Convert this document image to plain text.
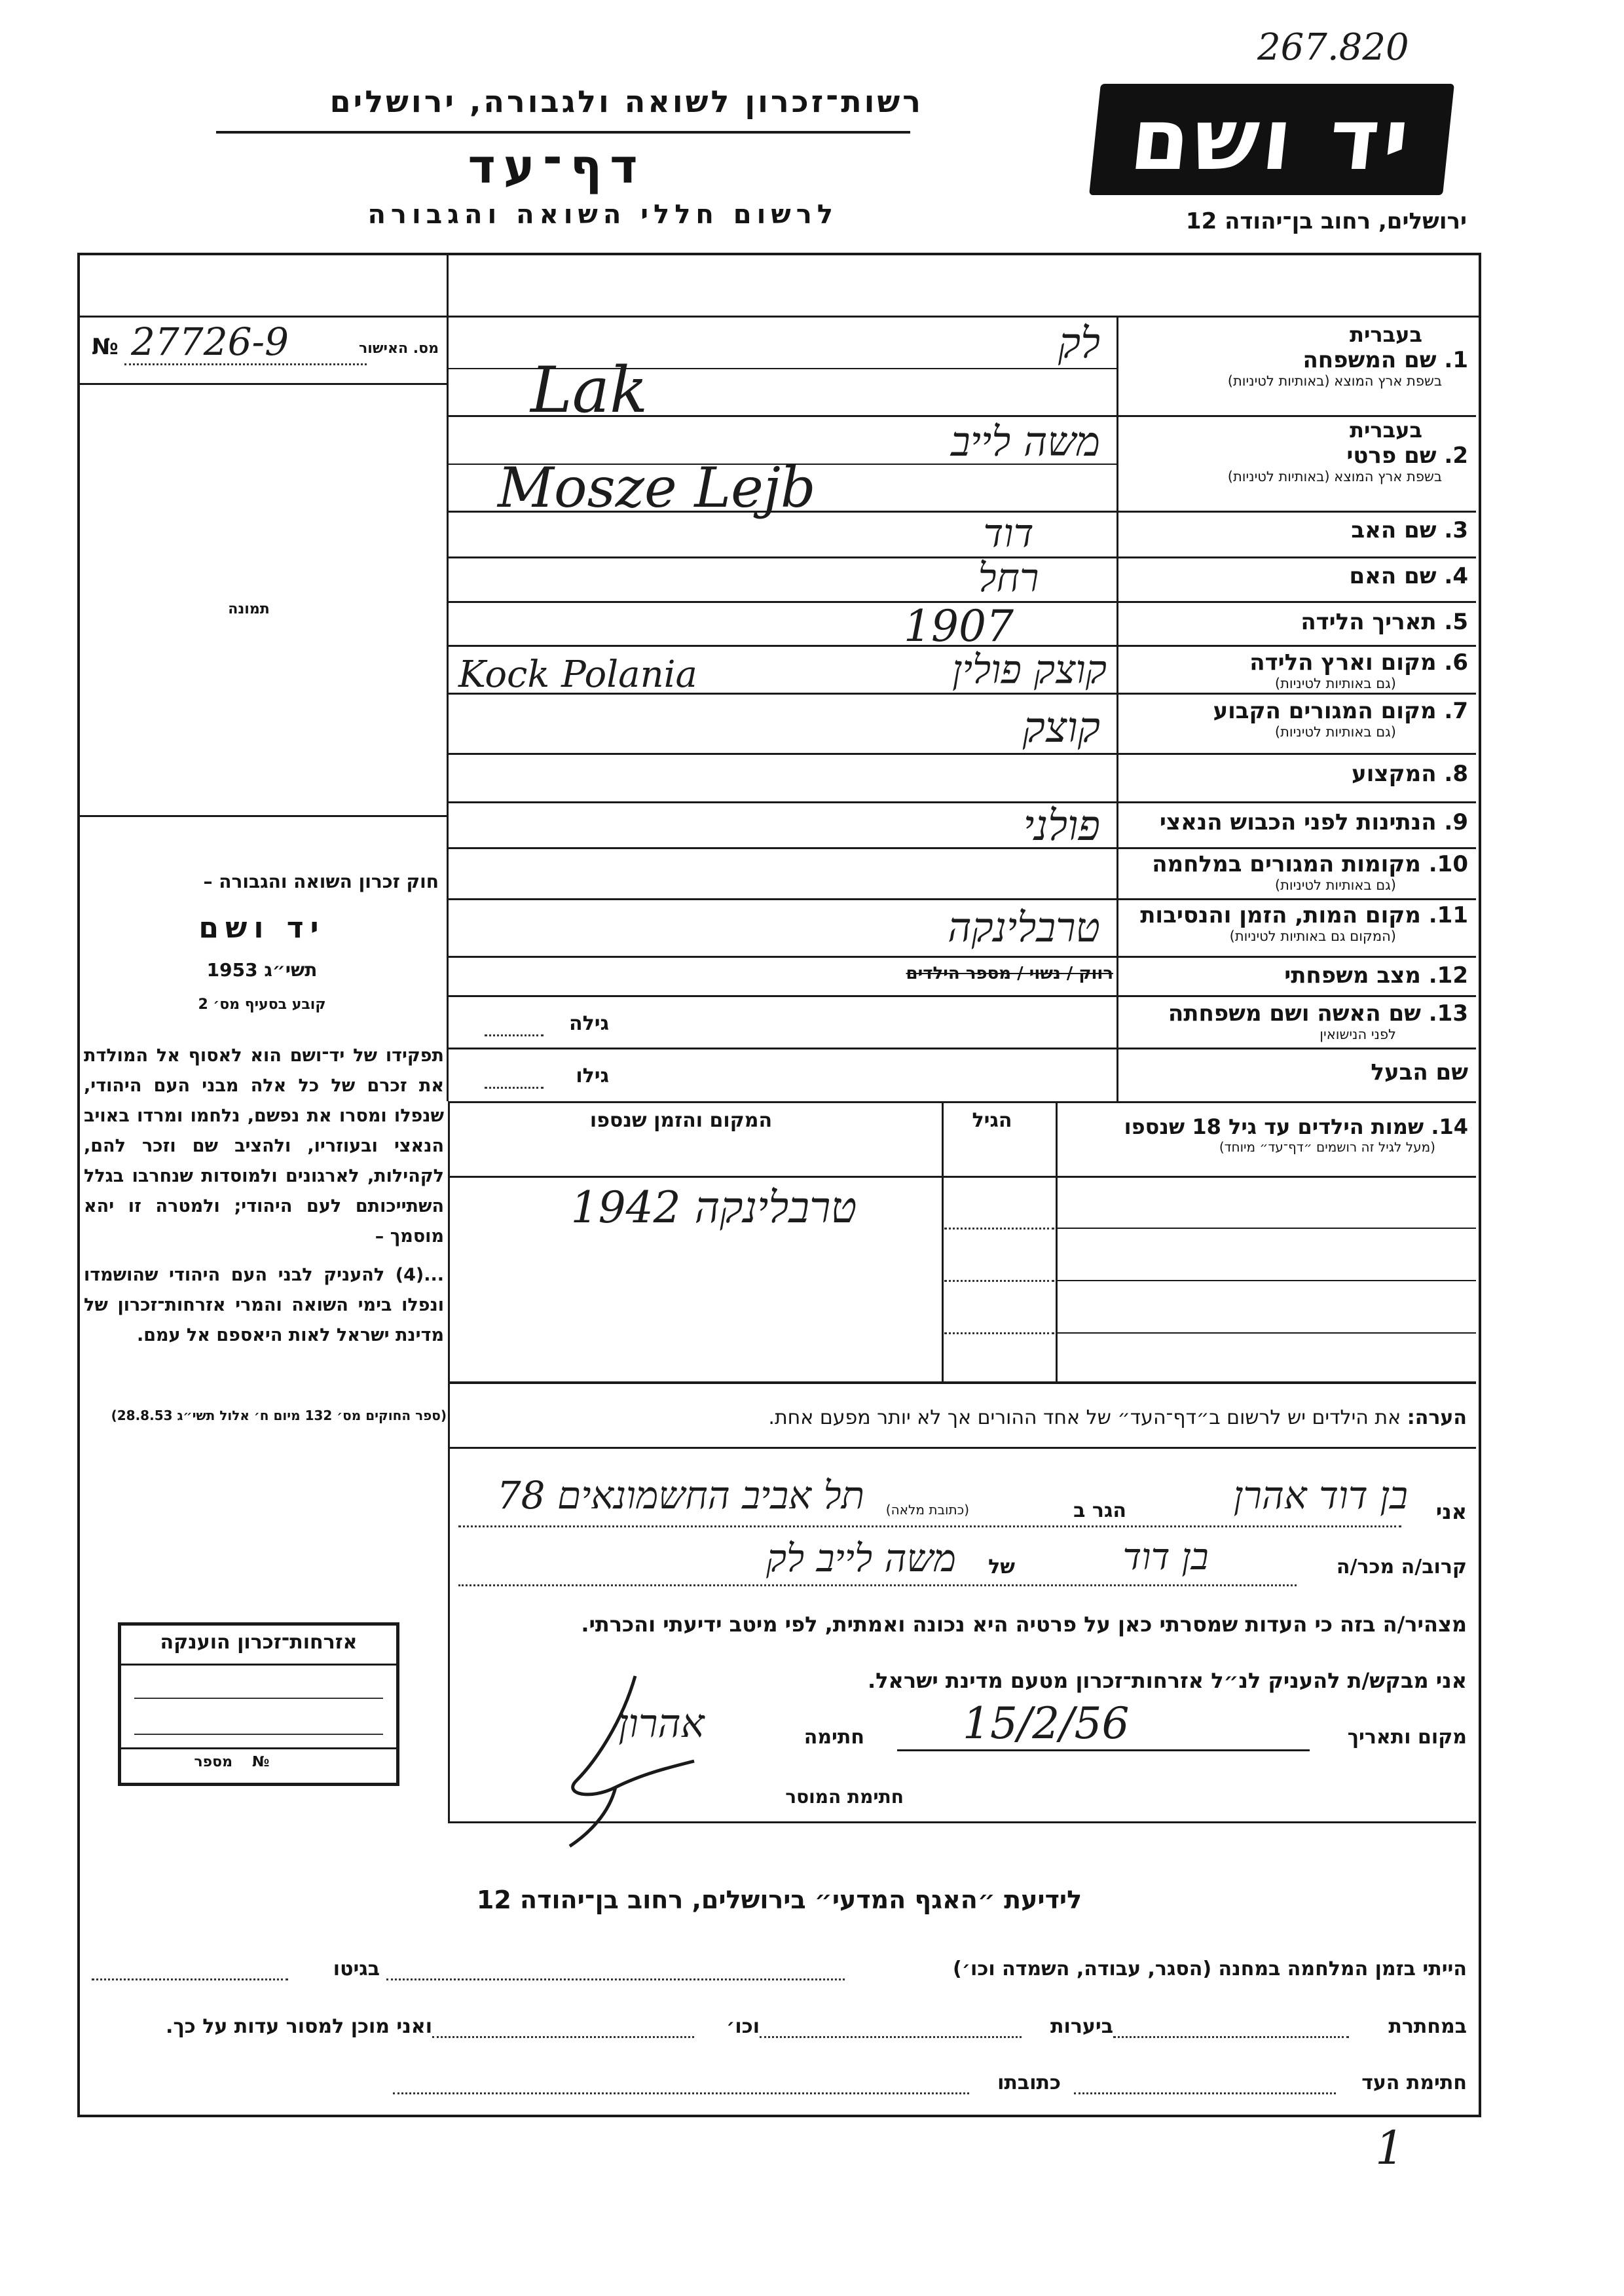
267.820
רשות־זכרון לשואה ולגבורה, ירושלים
דף־עד
לרשום חללי השואה והגבורה
יד ושם
ירושלים, רחוב בן־יהודה 12
№ 27726-9	מס. האישור
תמונה
חוק זכרון השואה והגבורה –
יד ושם
תשי״ג 1953
קובע בסעיף מס׳ 2
תפקידו של יד־ושם הוא לאסוף אל המולדת את זכרם של כל אלה מבני העם היהודי, שנפלו ומסרו את נפשם, נלחמו ומרדו באויב הנאצי ובעוזריו, ולהציב שם וזכר להם, לקהילות, לארגונים ולמוסדות שנחרבו בגלל השתייכותם לעם היהודי; ולמטרה זו יהא מוסמך –
...(4) להעניק לבני העם היהודי שהושמדו ונפלו בימי השואה והמרי אזרחות־זכרון של מדינת ישראל לאות היאספם אל עמם.
(ספר החוקים מס׳ 132 מיום ח׳ אלול תשי״ג 28.8.53)
אזרחות־זכרון הוענקה
מספר №
בעברית
1. שם המשפחה
בשפת ארץ המוצא (באותיות לטיניות)
בעברית
2. שם פרטי
בשפת ארץ המוצא (באותיות לטיניות)
3. שם האב
4. שם האם
5. תאריך הלידה
6. מקום וארץ הלידה
(גם באותיות לטיניות)
7. מקום המגורים הקבוע
(גם באותיות לטיניות)
8. המקצוע
9. הנתינות לפני הכבוש הנאצי
10. מקומות המגורים במלחמה
(גם באותיות לטיניות)
11. מקום המות, הזמן והנסיבות
(המקום גם באותיות לטיניות)
12. מצב משפחתי
13. שם האשה ושם משפחתה
לפני הנישואין
שם הבעל
לק
Lak
משה לייב
Mosze Lejb
דוד
רחל
1907
קוצק פולין
Kock Polania
קוצק
פולני
טרבלינקה
רווק / נשוי / מספר הילדים
גילה
גילו
14. שמות הילדים עד גיל 18 שנספו
(מעל לגיל זה רושמים ״דף־עד״ מיוחד)
הגיל
המקום והזמן שנספו
טרבלינקה 1942
הערה: את הילדים יש לרשום ב״דף־העד״ של אחד ההורים אך לא יותר מפעם אחת.
אני
בן דוד אהרן
הגר ב
(כתובת מלאה)
תל אביב החשמונאים 78
קרוב/ה מכר/ה
בן דוד
של
משה לייב לק
מצהיר/ה בזה כי העדות שמסרתי כאן על פרטיה היא נכונה ואמתית, לפי מיטב ידיעתי והכרתי.
אני מבקש/ת להעניק לנ״ל אזרחות־זכרון מטעם מדינת ישראל.
מקום ותאריך
15/2/56
חתימה
אהרון
חתימת המוסר
לידיעת ״האגף המדעי״ בירושלים, רחוב בן־יהודה 12
הייתי בזמן המלחמה במחנה (הסגר, עבודה, השמדה וכו׳)
בגיטו
במחתרת
ביערות
וכו׳
ואני מוכן למסור עדות על כך.
חתימת העד
כתובתו
1
